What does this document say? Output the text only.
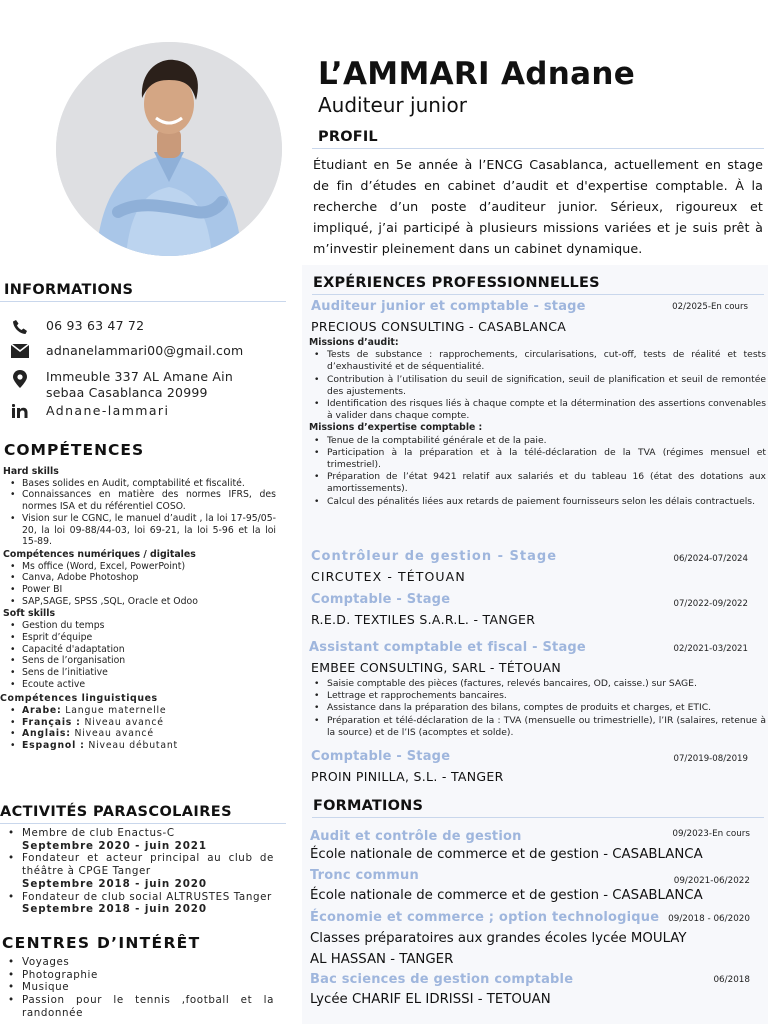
INFORMATIONS
06 93 63 47 72
adnanelammari00@gmail.com
Immeuble 337 AL Amane Ain sebaa Casablanca 20999
Adnane-lammari
COMPÉTENCES
Hard skills
• Bases solides en Audit, comptabilité et fiscalité.
• Connaissances en matière des normes IFRS, des normes ISA et du référentiel COSO.
• Vision sur le CGNC, le manuel d’audit , la loi 17-95/05-20, la loi 09-88/44-03, loi 69-21, la loi 5-96 et la loi 15-89.
Compétences numériques / digitales
• Ms office (Word, Excel, PowerPoint)
• Canva, Adobe Photoshop
• Power BI
• SAP,SAGE, SPSS ,SQL, Oracle et Odoo
Soft skills
• Gestion du temps
• Esprit d’équipe
• Capacité d'adaptation
• Sens de l’organisation
• Sens de l’initiative
• Ecoute active
Compétences linguistiques
• Arabe: Langue maternelle
• Français : Niveau avancé
• Anglais: Niveau avancé
• Espagnol : Niveau débutant
ACTIVITÉS PARASCOLAIRES
• Membre de club Enactus-C
Septembre 2020 - juin 2021
• Fondateur et acteur principal au club de théâtre à CPGE Tanger
Septembre 2018 - juin 2020
• Fondateur de club social ALTRUSTES Tanger
Septembre 2018 - juin 2020
CENTRES D’INTÉRÊT
• Voyages
• Photographie
• Musique
• Passion pour le tennis ,football et la randonnée
L’AMMARI Adnane
Auditeur junior
PROFIL
Étudiant en 5e année à l’ENCG Casablanca, actuellement en stage de fin d’études en cabinet d’audit et d'expertise comptable. À la recherche d’un poste d’auditeur junior. Sérieux, rigoureux et impliqué, j’ai participé à plusieurs missions variées et je suis prêt à m’investir pleinement dans un cabinet dynamique.
EXPÉRIENCES PROFESSIONNELLES
Auditeur junior et comptable - stage	02/2025-En cours
PRECIOUS CONSULTING - CASABLANCA
Missions d’audit:
• Tests de substance : rapprochements, circularisations, cut-off, tests de réalité et tests d’exhaustivité et de séquentialité.
• Contribution à l’utilisation du seuil de signification, seuil de planification et seuil de remontée des ajustements.
• Identification des risques liés à chaque compte et la détermination des assertions convenables à valider dans chaque compte.
Missions d’expertise comptable :
• Tenue de la comptabilité générale et de la paie.
• Participation à la préparation et à la télé-déclaration de la TVA (régimes mensuel et trimestriel).
• Préparation de l’état 9421 relatif aux salariés et du tableau 16 (état des dotations aux amortissements).
• Calcul des pénalités liées aux retards de paiement fournisseurs selon les délais contractuels.
Contrôleur de gestion - Stage	06/2024-07/2024
CIRCUTEX - TÉTOUAN
Comptable - Stage	07/2022-09/2022
R.E.D. TEXTILES S.A.R.L. - TANGER
Assistant comptable et fiscal - Stage	02/2021-03/2021
EMBEE CONSULTING, SARL - TÉTOUAN
• Saisie comptable des pièces (factures, relevés bancaires, OD, caisse.) sur SAGE.
• Lettrage et rapprochements bancaires.
• Assistance dans la préparation des bilans, comptes de produits et charges, et ETIC.
• Préparation et télé-déclaration de la : TVA (mensuelle ou trimestrielle), l’IR (salaires, retenue à la source) et de l’IS (acomptes et solde).
Comptable - Stage	07/2019-08/2019
PROIN PINILLA, S.L. - TANGER
FORMATIONS
Audit et contrôle de gestion	09/2023-En cours
École nationale de commerce et de gestion - CASABLANCA
Tronc commun	09/2021-06/2022
École nationale de commerce et de gestion - CASABLANCA
Économie et commerce ; option technologique 09/2018 - 06/2020
Classes préparatoires aux grandes écoles lycée MOULAY AL HASSAN - TANGER
Bac sciences de gestion comptable	06/2018
Lycée CHARIF EL IDRISSI - TETOUAN
